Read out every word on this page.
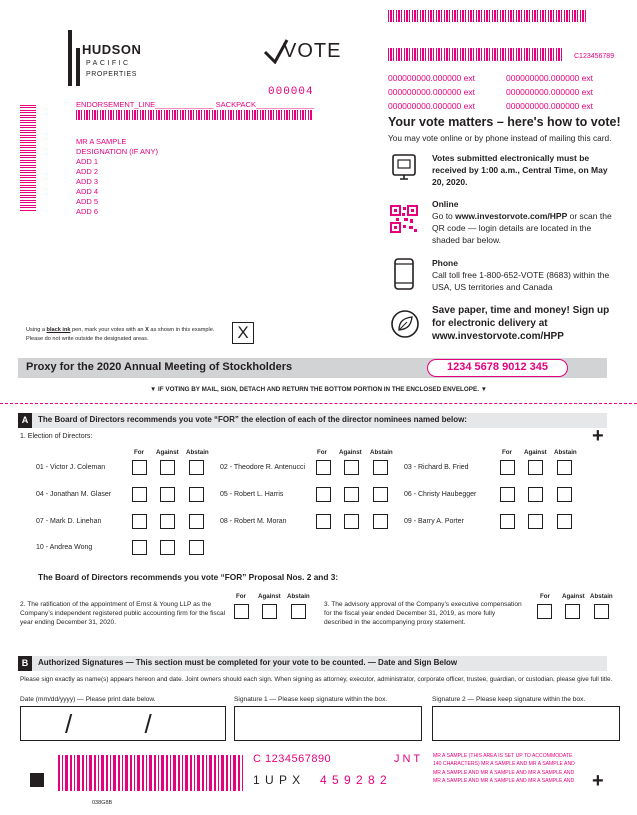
HUDSON
PACIFIC
PROPERTIES
VOTE
000004
ENDORSEMENT_LINE______________ SACKPACK______________
MR A SAMPLE
DESIGNATION (IF ANY)
ADD 1
ADD 2
ADD 3
ADD 4
ADD 5
ADD 6
C123456789
000000000.000000 ext
000000000.000000 ext
000000000.000000 ext
000000000.000000 ext
000000000.000000 ext
000000000.000000 ext
Your vote matters – here's how to vote!
You may vote online or by phone instead of mailing this card.
Votes submitted electronically must be received by 1:00 a.m., Central Time, on May 20, 2020.
Online
Go to www.investorvote.com/HPP or scan the QR code — login details are located in the shaded bar below.
Phone
Call toll free 1-800-652-VOTE (8683) within the USA, US territories and Canada
Save paper, time and money! Sign up for electronic delivery at www.investorvote.com/HPP
Using a black ink pen, mark your votes with an X as shown in this example.
Please do not write outside the designated areas.	X
Proxy for the 2020 Annual Meeting of Stockholders	1234 5678 9012 345
▼ IF VOTING BY MAIL, SIGN, DETACH AND RETURN THE BOTTOM PORTION IN THE ENCLOSED ENVELOPE. ▼
A	The Board of Directors recommends you vote “FOR” the election of each of the director nominees named below:
1. Election of Directors:	+
For Against Abstain	For Against Abstain	For Against Abstain
01 - Victor J. Coleman	02 - Theodore R. Antenucci	03 - Richard B. Fried
04 - Jonathan M. Glaser	05 - Robert L. Harris	06 - Christy Haubegger
07 - Mark D. Linehan	08 - Robert M. Moran	09 - Barry A. Porter
10 - Andrea Wong
The Board of Directors recommends you vote “FOR” Proposal Nos. 2 and 3:
2. The ratification of the appointment of Ernst & Young LLP as the Company’s independent registered public accounting firm for the fiscal year ending December 31, 2020.
For Against Abstain
3. The advisory approval of the Company’s executive compensation for the fiscal year ended December 31, 2019, as more fully described in the accompanying proxy statement.
For Against Abstain
B	Authorized Signatures — This section must be completed for your vote to be counted. — Date and Sign Below
Please sign exactly as name(s) appears hereon and date. Joint owners should each sign. When signing as attorney, executor, administrator, corporate officer, trustee, guardian, or custodian, please give full title.
Date (mm/dd/yyyy) — Please print date below.	Signature 1 — Please keep signature within the box.	Signature 2 — Please keep signature within the box.
/          /
C 1234567890	J N T
1 U P X 4 5 9 2 8 2
MR A SAMPLE (THIS AREA IS SET UP TO ACCOMMODATE 140 CHARACTERS) MR A SAMPLE AND MR A SAMPLE AND MR A SAMPLE AND MR A SAMPLE AND MR A SAMPLE AND MR A SAMPLE AND MR A SAMPLE AND MR A SAMPLE AND +
038G8B
